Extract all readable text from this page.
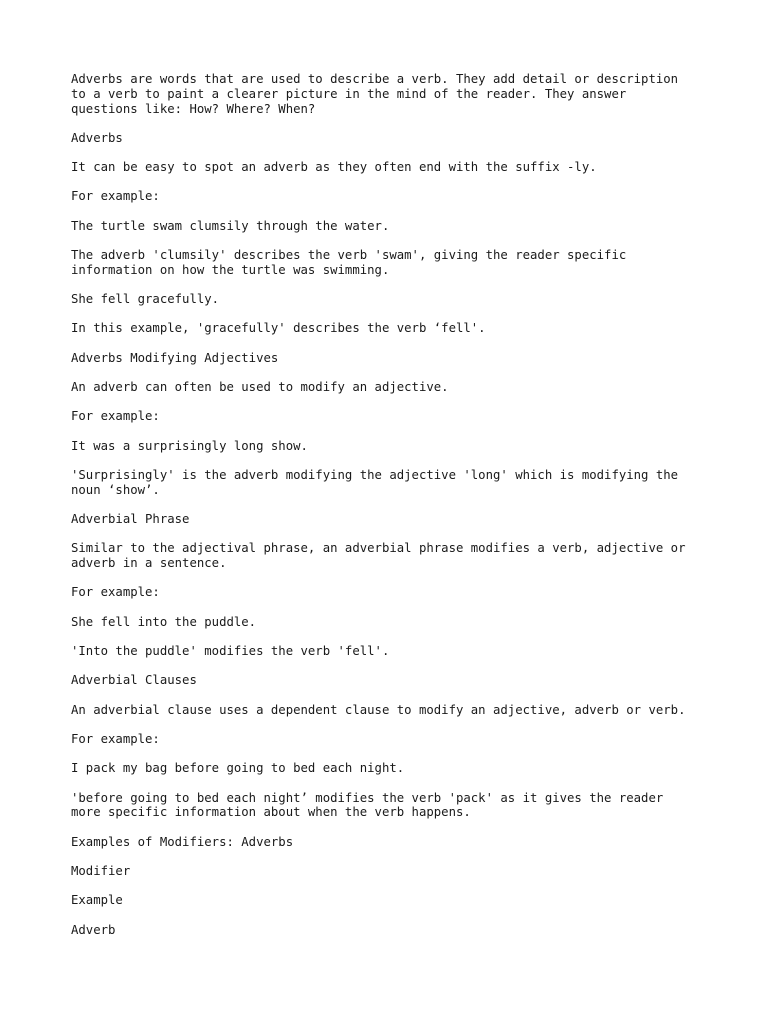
Adverbs are words that are used to describe a verb. They add detail or description
to a verb to paint a clearer picture in the mind of the reader. They answer
questions like: How? Where? When?

Adverbs

It can be easy to spot an adverb as they often end with the suffix -ly.

For example:

The turtle swam clumsily through the water.

The adverb 'clumsily' describes the verb 'swam', giving the reader specific
information on how the turtle was swimming.

She fell gracefully.

In this example, 'gracefully' describes the verb ‘fell'.

Adverbs Modifying Adjectives

An adverb can often be used to modify an adjective.

For example:

It was a surprisingly long show.

'Surprisingly' is the adverb modifying the adjective 'long' which is modifying the
noun ‘show’.

Adverbial Phrase

Similar to the adjectival phrase, an adverbial phrase modifies a verb, adjective or
adverb in a sentence.

For example:

She fell into the puddle.

'Into the puddle' modifies the verb 'fell'.

Adverbial Clauses

An adverbial clause uses a dependent clause to modify an adjective, adverb or verb.

For example:

I pack my bag before going to bed each night.

'before going to bed each night’ modifies the verb 'pack' as it gives the reader
more specific information about when the verb happens.

Examples of Modifiers: Adverbs

Modifier

Example

Adverb
